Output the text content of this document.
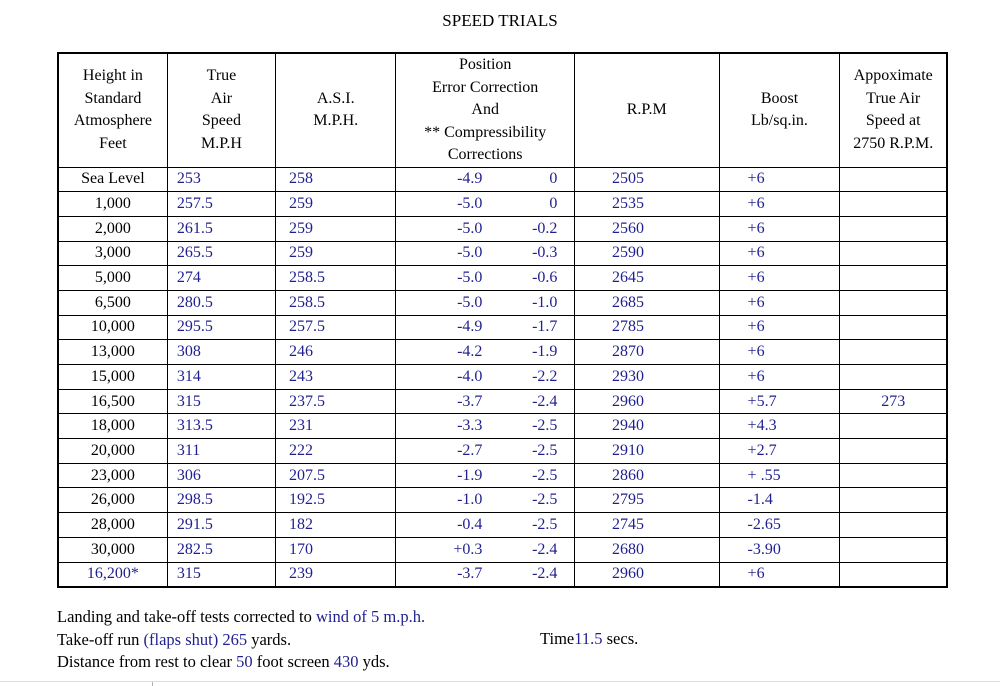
SPEED TRIALS
Height in
Standard
Atmosphere
Feet	True
Air
Speed
M.P.H	A.S.I.
M.P.H.	Position
Error Correction
And
** Compressibility
Corrections	R.P.M	Boost
Lb/sq.in.	Appoximate
True Air
Speed at
2750 R.P.M.

Sea Level	253	258	-4.9 0	2505	+6	
1,000	257.5	259	-5.0 0	2535	+6	
2,000	261.5	259	-5.0 -0.2	2560	+6	
3,000	265.5	259	-5.0 -0.3	2590	+6	
5,000	274	258.5	-5.0 -0.6	2645	+6	
6,500	280.5	258.5	-5.0 -1.0	2685	+6	
10,000	295.5	257.5	-4.9 -1.7	2785	+6	
13,000	308	246	-4.2 -1.9	2870	+6	
15,000	314	243	-4.0 -2.2	2930	+6	
16,500	315	237.5	-3.7 -2.4	2960	+5.7	273
18,000	313.5	231	-3.3 -2.5	2940	+4.3	
20,000	311	222	-2.7 -2.5	2910	+2.7	
23,000	306	207.5	-1.9 -2.5	2860	+ .55	
26,000	298.5	192.5	-1.0 -2.5	2795	-1.4	
28,000	291.5	182	-0.4 -2.5	2745	-2.65	
30,000	282.5	170	+0.3 -2.4	2680	-3.90	
16,200*	315	239	-3.7 -2.4	2960	+6	
Landing and take-off tests corrected to wind of 5 m.p.h.
Take-off run (flaps shut) 265 yards.
Distance from rest to clear 50 foot screen 430 yds.
Time11.5 secs.
